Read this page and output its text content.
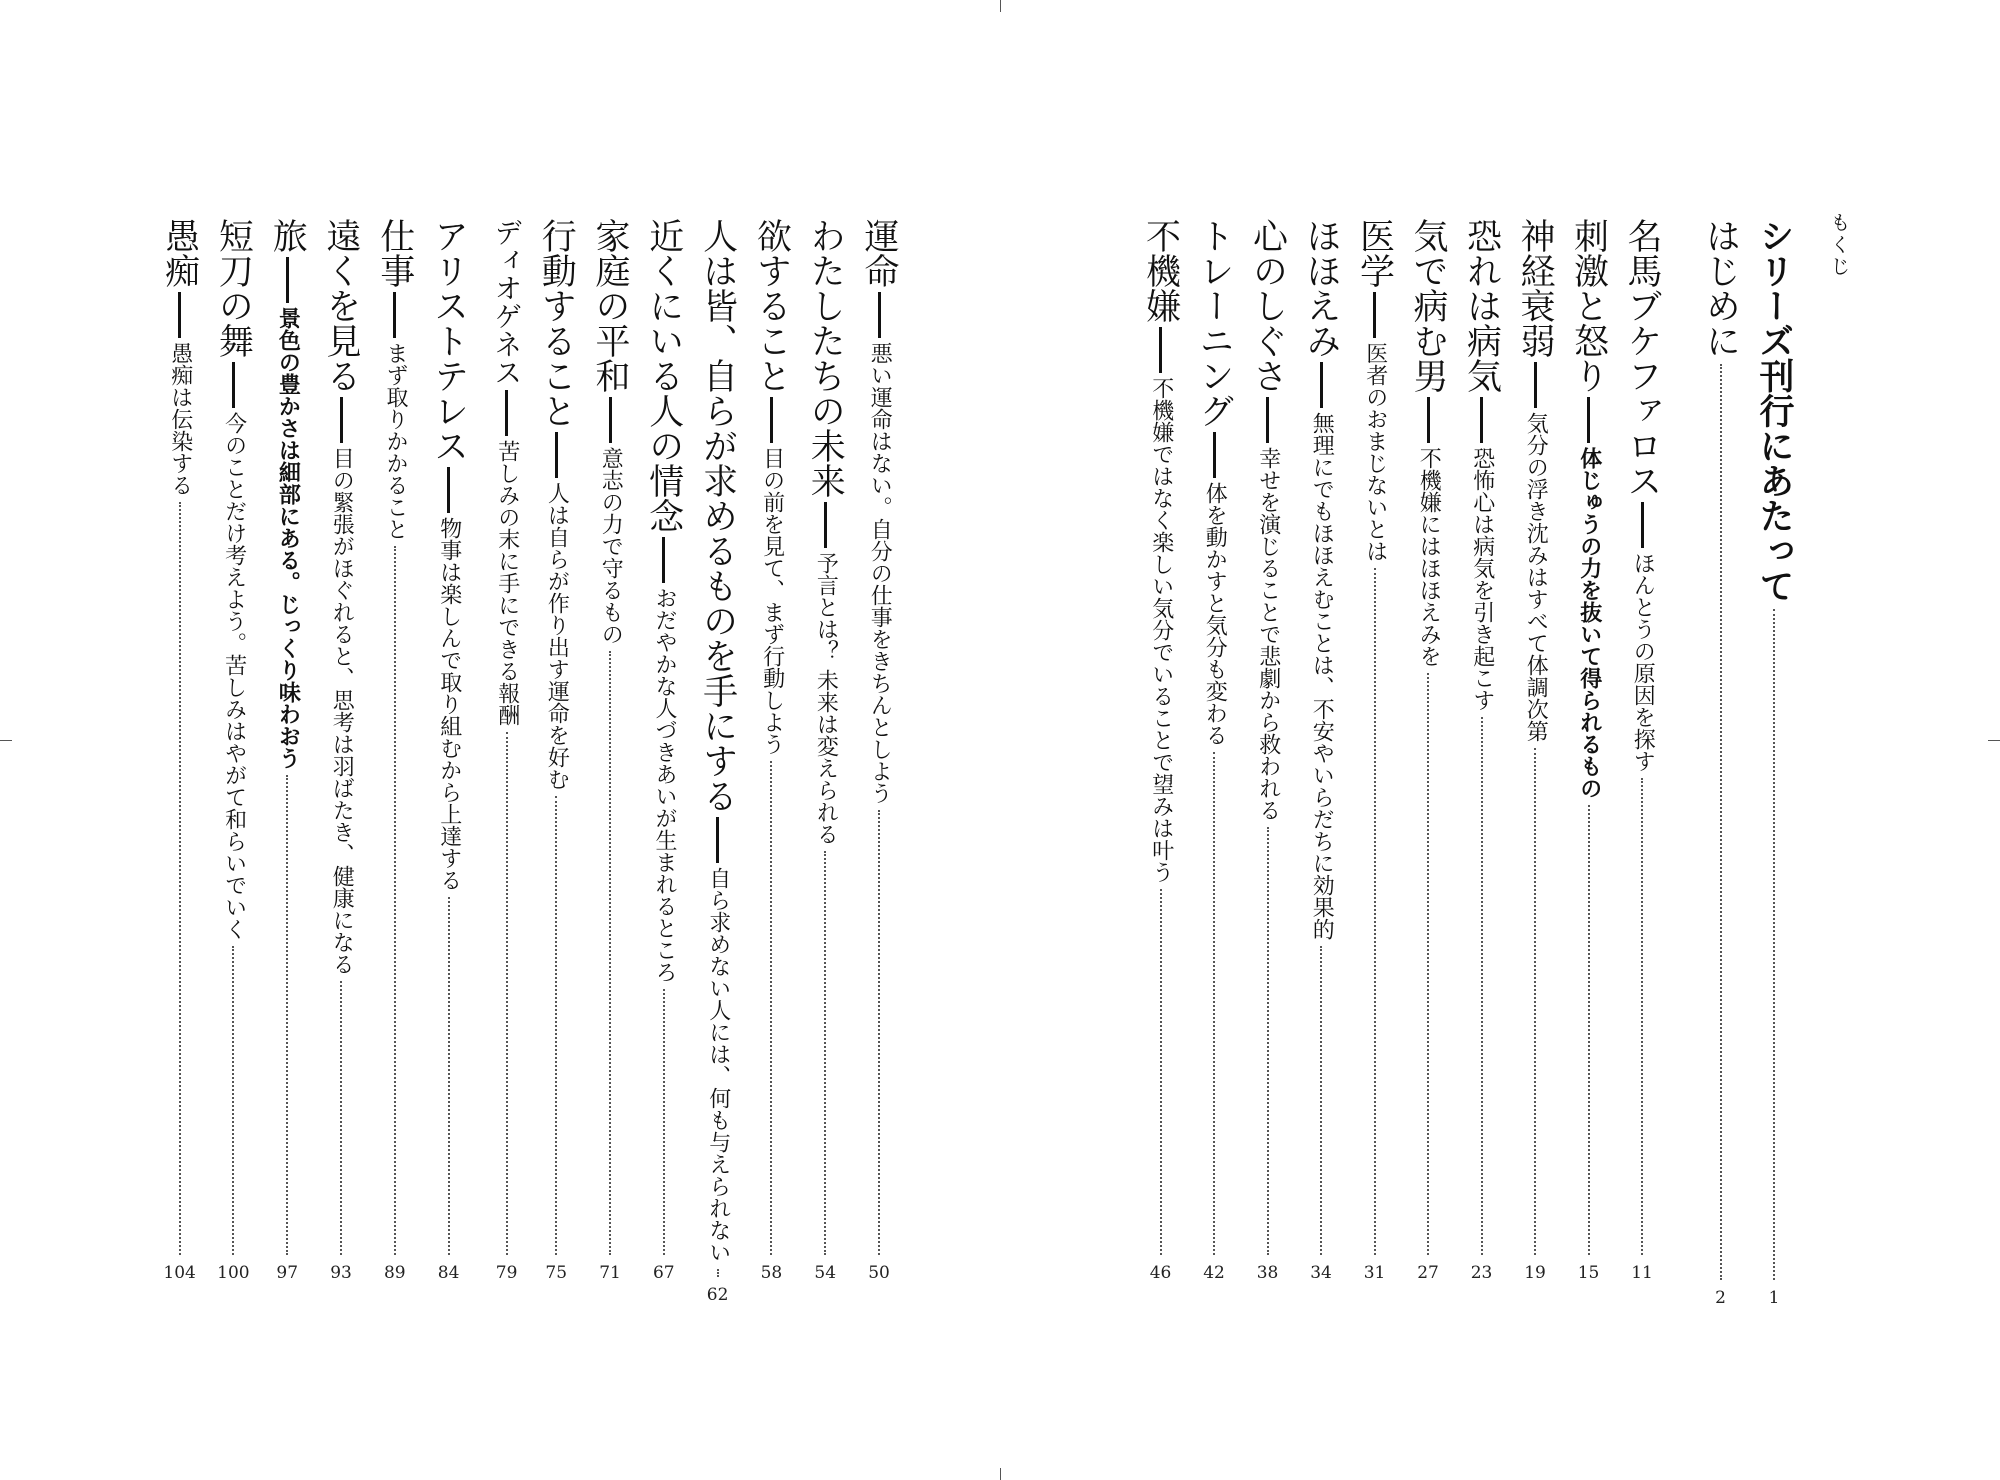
もくじ
シリーズ刊行にあたって
1
はじめに
2
名馬ブケファロス
ほんとうの原因を探す
11
刺激と怒り
体じゅうの力を抜いて得られるもの
15
神経衰弱
気分の浮き沈みはすべて体調次第
19
恐れは病気
恐怖心は病気を引き起こす
23
気で病む男
不機嫌にはほほえみを
27
医学
医者のおまじないとは
31
ほほえみ
無理にでもほほえむことは、不安やいらだちに効果的
34
心のしぐさ
幸せを演じることで悲劇から救われる
38
トレーニング
体を動かすと気分も変わる
42
不機嫌
不機嫌ではなく楽しい気分でいることで望みは叶う
46
運命
悪い運命はない。自分の仕事をきちんとしよう
50
わたしたちの未来
予言とは？ 未来は変えられる
54
欲すること
目の前を見て、まず行動しよう
58
人は皆、自らが求めるものを手にする
自ら求めない人には、何も与えられない
62
近くにいる人の情念
おだやかな人づきあいが生まれるところ
67
家庭の平和
意志の力で守るもの
71
行動すること
人は自らが作り出す運命を好む
75
ディオゲネス
苦しみの末に手にできる報酬
79
アリストテレス
物事は楽しんで取り組むから上達する
84
仕事
まず取りかかること
89
遠くを見る
目の緊張がほぐれると、思考は羽ばたき、健康になる
93
旅
景色の豊かさは細部にある。じっくり味わおう
97
短刀の舞
今のことだけ考えよう。苦しみはやがて和らいでいく
100
愚痴
愚痴は伝染する
104
